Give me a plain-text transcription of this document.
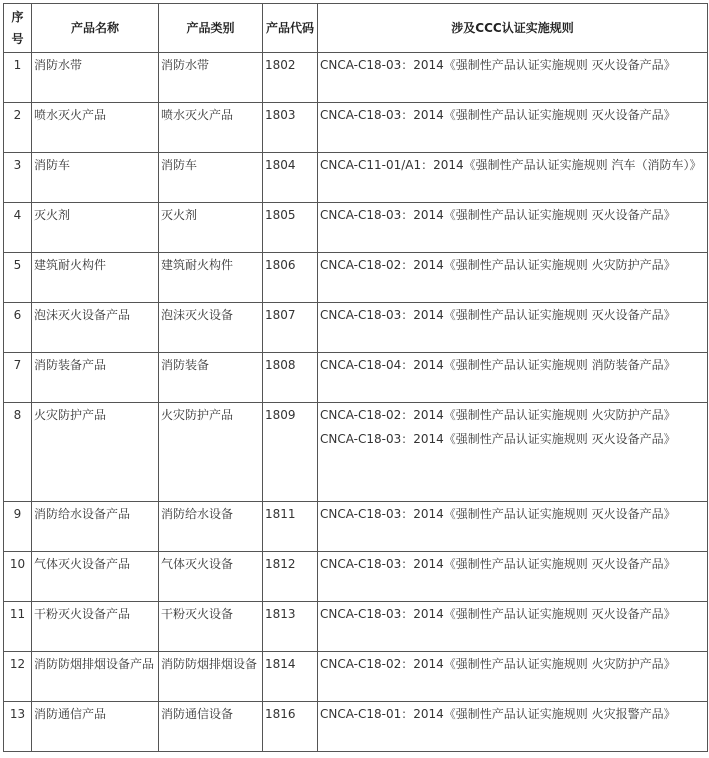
序号	产品名称	产品类别	产品代码	涉及CCC认证实施规则
1	消防水带	消防水带	1802	CNCA-C18-03：2014《强制性产品认证实施规则 灭火设备产品》

2	喷水灭火产品	喷水灭火产品	1803	CNCA-C18-03：2014《强制性产品认证实施规则 灭火设备产品》

3	消防车	消防车	1804	CNCA-C11-01/A1：2014《强制性产品认证实施规则 汽车（消防车）》

4	灭火剂	灭火剂	1805	CNCA-C18-03：2014《强制性产品认证实施规则 灭火设备产品》

5	建筑耐火构件	建筑耐火构件	1806	CNCA-C18-02：2014《强制性产品认证实施规则 火灾防护产品》

6	泡沫灭火设备产品	泡沫灭火设备	1807	CNCA-C18-03：2014《强制性产品认证实施规则 灭火设备产品》

7	消防装备产品	消防装备	1808	CNCA-C18-04：2014《强制性产品认证实施规则 消防装备产品》

8	火灾防护产品	火灾防护产品	1809	CNCA-C18-02：2014《强制性产品认证实施规则 火灾防护产品》
CNCA-C18-03：2014《强制性产品认证实施规则 灭火设备产品》

9	消防给水设备产品	消防给水设备	1811	CNCA-C18-03：2014《强制性产品认证实施规则 灭火设备产品》

10	气体灭火设备产品	气体灭火设备	1812	CNCA-C18-03：2014《强制性产品认证实施规则 灭火设备产品》

11	干粉灭火设备产品	干粉灭火设备	1813	CNCA-C18-03：2014《强制性产品认证实施规则 灭火设备产品》

12	消防防烟排烟设备产品	消防防烟排烟设备	1814	CNCA-C18-02：2014《强制性产品认证实施规则 火灾防护产品》

13	消防通信产品	消防通信设备	1816	CNCA-C18-01：2014《强制性产品认证实施规则 火灾报警产品》
